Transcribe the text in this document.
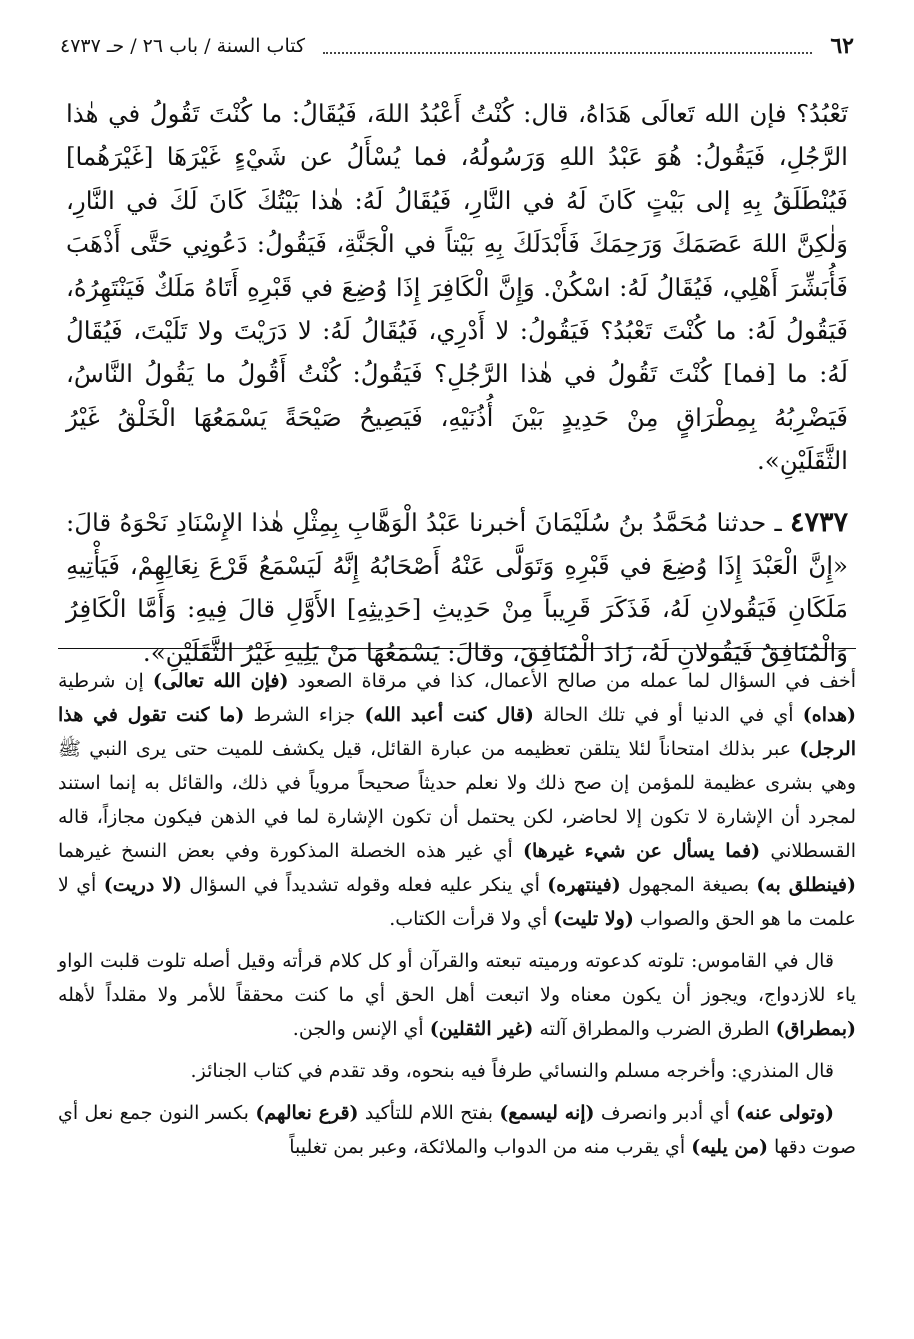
٦٢
كتاب السنة / باب ٢٦ / حـ ٤٧٣٧

تَعْبُدُ؟ فإن الله تَعالَى هَدَاهُ، قال: كُنْتُ أَعْبُدُ اللهَ، فَيُقَالُ: ما كُنْتَ تَقُولُ في هٰذا الرَّجُلِ، فَيَقُولُ: هُوَ عَبْدُ اللهِ وَرَسُولُهُ، فما يُسْأَلُ عن شَيْءٍ غَيْرَهَا [غَيْرَهُما] فَيُنْطَلَقُ بِهِ إلى بَيْتٍ كَانَ لَهُ في النَّارِ، فَيُقَالُ لَهُ: هٰذا بَيْتُكَ كَانَ لَكَ في النَّارِ، وَلٰكِنَّ اللهَ عَصَمَكَ وَرَحِمَكَ فَأَبْدَلَكَ بِهِ بَيْتاً في الْجَنَّةِ، فَيَقُولُ: دَعُونِي حَتَّى أَذْهَبَ فَأُبَشِّرَ أَهْلِي، فَيُقَالُ لَهُ: اسْكُنْ. وَإِنَّ الْكَافِرَ إِذَا وُضِعَ في قَبْرِهِ أَتَاهُ مَلَكٌ فَيَنْتَهِرُهُ، فَيَقُولُ لَهُ: ما كُنْتَ تَعْبُدُ؟ فَيَقُولُ: لا أَدْرِي، فَيُقَالُ لَهُ: لا دَرَيْتَ ولا تَلَيْتَ، فَيُقَالُ لَهُ: ما [فما] كُنْتَ تَقُولُ في هٰذا الرَّجُلِ؟ فَيَقُولُ: كُنْتُ أَقُولُ ما يَقُولُ النَّاسُ، فَيَضْرِبُهُ بِمِطْرَاقٍ مِنْ حَدِيدٍ بَيْنَ أُذُنَيْهِ، فَيَصِيحُ صَيْحَةً يَسْمَعُهَا الْخَلْقُ غَيْرُ الثَّقَلَيْنِ».

٤٧٣٧ ـ حدثنا مُحَمَّدُ بنُ سُلَيْمَانَ أخبرنا عَبْدُ الْوَهَّابِ بِمِثْلِ هٰذا الإِسْنَادِ نَحْوَهُ قالَ: «إِنَّ الْعَبْدَ إِذَا وُضِعَ في قَبْرِهِ وَتَوَلَّى عَنْهُ أَصْحَابُهُ إِنَّهُ لَيَسْمَعُ قَرْعَ نِعَالِهِمْ، فَيَأْتِيهِ مَلَكَانِ فَيَقُولانِ لَهُ، فَذَكَرَ قَرِيباً مِنْ حَدِيثِ [حَدِيثِهِ] الأَوَّلِ قالَ فِيهِ: وَأَمَّا الْكَافِرُ وَالْمُنَافِقُ فَيَقُولانِ لَهُ، زَادَ الْمُنَافِقَ، وقالَ: يَسْمَعُهَا مَنْ يَلِيهِ غَيْرُ الثَّقَلَيْنِ».

أخف في السؤال لما عمله من صالح الأعمال، كذا في مرقاة الصعود (فإن الله تعالى) إن شرطية (هداه) أي في الدنيا أو في تلك الحالة (قال كنت أعبد الله) جزاء الشرط (ما كنت تقول في هذا الرجل) عبر بذلك امتحاناً لئلا يتلقن تعظيمه من عبارة القائل، قيل يكشف للميت حتى يرى النبي ﷺ وهي بشرى عظيمة للمؤمن إن صح ذلك ولا نعلم حديثاً صحيحاً مروياً في ذلك، والقائل به إنما استند لمجرد أن الإشارة لا تكون إلا لحاضر، لكن يحتمل أن تكون الإشارة لما في الذهن فيكون مجازاً، قاله القسطلاني (فما يسأل عن شيء غيرها) أي غير هذه الخصلة المذكورة وفي بعض النسخ غيرهما (فينطلق به) بصيغة المجهول (فينتهره) أي ينكر عليه فعله وقوله تشديداً في السؤال (لا دريت) أي لا علمت ما هو الحق والصواب (ولا تليت) أي ولا قرأت الكتاب.

قال في القاموس: تلوته كدعوته ورميته تبعته والقرآن أو كل كلام قرأته وقيل أصله تلوت قلبت الواو ياء للازدواج، ويجوز أن يكون معناه ولا اتبعت أهل الحق أي ما كنت محققاً للأمر ولا مقلداً لأهله (بمطراق) الطرق الضرب والمطراق آلته (غير الثقلين) أي الإنس والجن.

قال المنذري: وأخرجه مسلم والنسائي طرفاً فيه بنحوه، وقد تقدم في كتاب الجنائز.

(وتولى عنه) أي أدبر وانصرف (إنه ليسمع) بفتح اللام للتأكيد (قرع نعالهم) بكسر النون جمع نعل أي صوت دقها (من يليه) أي يقرب منه من الدواب والملائكة، وعبر بمن تغليباً
